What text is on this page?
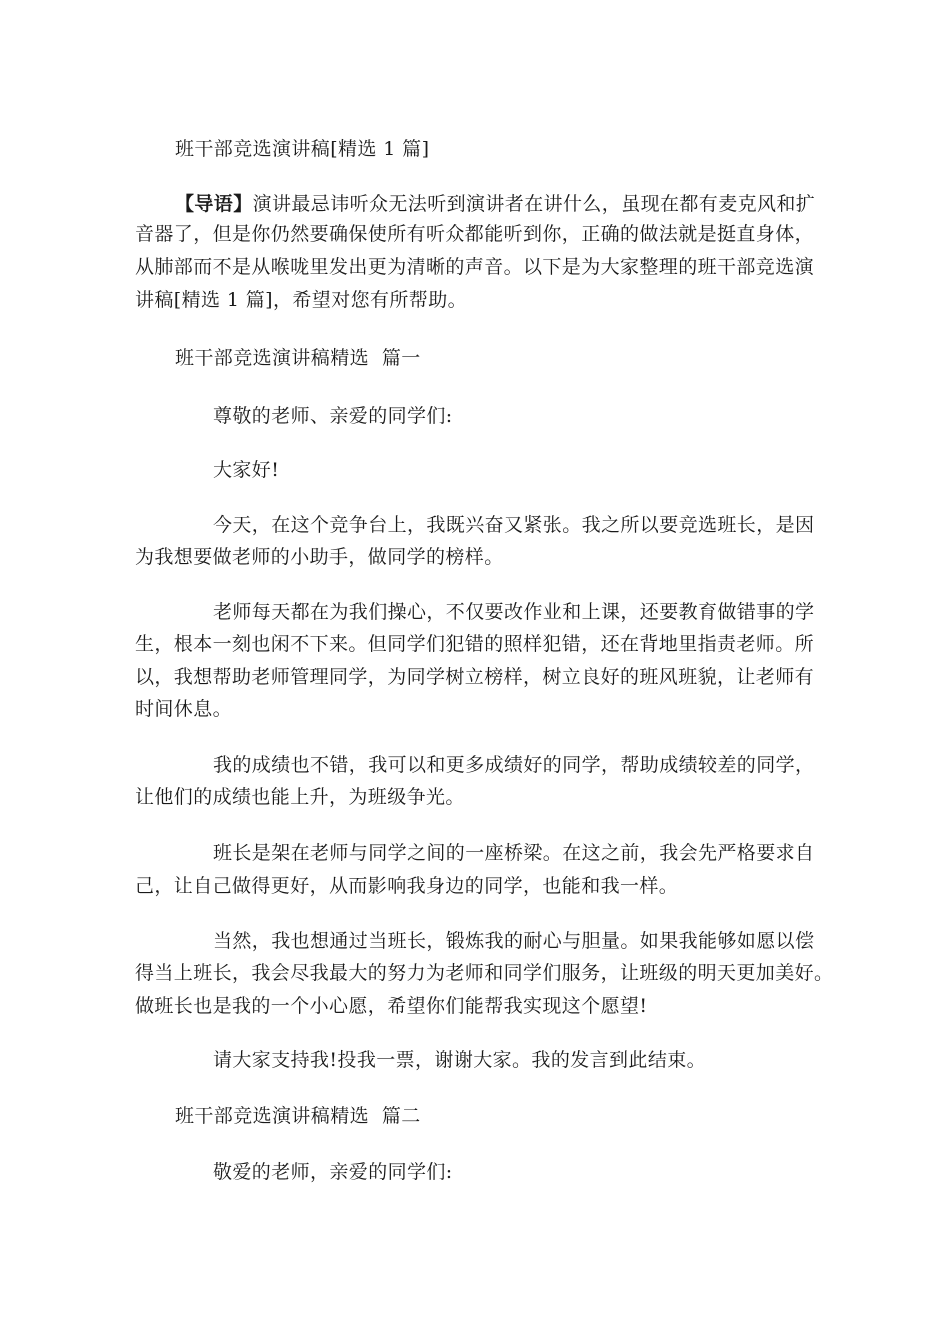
班干部竞选演讲稿[精选 1 篇]
【导语】演讲最忌讳听众无法听到演讲者在讲什么，虽现在都有麦克风和扩
音器了，但是你仍然要确保使所有听众都能听到你，正确的做法就是挺直身体，
从肺部而不是从喉咙里发出更为清晰的声音。以下是为大家整理的班干部竞选演
讲稿[精选 1 篇]，希望对您有所帮助。
班干部竞选演讲稿精选  篇一
尊敬的老师、亲爱的同学们:
大家好!
今天，在这个竞争台上，我既兴奋又紧张。我之所以要竞选班长，是因
为我想要做老师的小助手，做同学的榜样。
老师每天都在为我们操心，不仅要改作业和上课，还要教育做错事的学
生，根本一刻也闲不下来。但同学们犯错的照样犯错，还在背地里指责老师。所
以，我想帮助老师管理同学，为同学树立榜样，树立良好的班风班貌，让老师有
时间休息。
我的成绩也不错，我可以和更多成绩好的同学，帮助成绩较差的同学，
让他们的成绩也能上升，为班级争光。
班长是架在老师与同学之间的一座桥梁。在这之前，我会先严格要求自
己，让自己做得更好，从而影响我身边的同学，也能和我一样。
当然，我也想通过当班长，锻炼我的耐心与胆量。如果我能够如愿以偿
得当上班长，我会尽我最大的努力为老师和同学们服务，让班级的明天更加美好。
做班长也是我的一个小心愿，希望你们能帮我实现这个愿望!
请大家支持我!投我一票，谢谢大家。我的发言到此结束。
班干部竞选演讲稿精选  篇二
敬爱的老师，亲爱的同学们:
